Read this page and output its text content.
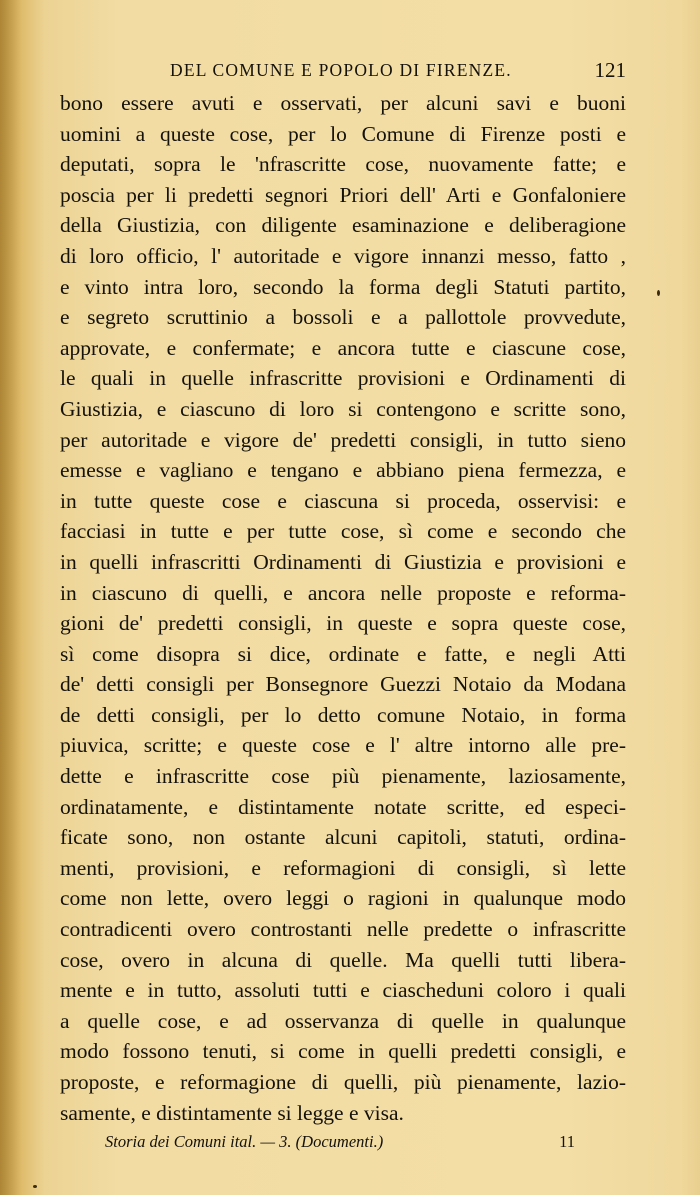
DEL COMUNE E POPOLO DI FIRENZE.	121
bono essere avuti e osservati, per alcuni savi e buoni
uomini a queste cose, per lo Comune di Firenze posti e
deputati, sopra le 'nfrascritte cose, nuovamente fatte; e
poscia per li predetti segnori Priori dell' Arti e Gonfaloniere
della Giustizia, con diligente esaminazione e deliberagione
di loro officio, l' autoritade e vigore innanzi messo, fatto ,
e vinto intra loro, secondo la forma degli Statuti partito,
e segreto scruttinio a bossoli e a pallottole provvedute,
approvate, e confermate; e ancora tutte e ciascune cose,
le quali in quelle infrascritte provisioni e Ordinamenti di
Giustizia, e ciascuno di loro si contengono e scritte sono,
per autoritade e vigore de' predetti consigli, in tutto sieno
emesse e vagliano e tengano e abbiano piena fermezza, e
in tutte queste cose e ciascuna si proceda, osservisi: e
facciasi in tutte e per tutte cose, sì come e secondo che
in quelli infrascritti Ordinamenti di Giustizia e provisioni e
in ciascuno di quelli, e ancora nelle proposte e reforma-
gioni de' predetti consigli, in queste e sopra queste cose,
sì come disopra si dice, ordinate e fatte, e negli Atti
de' detti consigli per Bonsegnore Guezzi Notaio da Modana
de detti consigli, per lo detto comune Notaio, in forma
piuvica, scritte; e queste cose e l' altre intorno alle pre-
dette e infrascritte cose più pienamente, laziosamente,
ordinatamente, e distintamente notate scritte, ed especi-
ficate sono, non ostante alcuni capitoli, statuti, ordina-
menti, provisioni, e reformagioni di consigli, sì lette
come non lette, overo leggi o ragioni in qualunque modo
contradicenti overo controstanti nelle predette o infrascritte
cose, overo in alcuna di quelle. Ma quelli tutti libera-
mente e in tutto, assoluti tutti e ciascheduni coloro i quali
a quelle cose, e ad osservanza di quelle in qualunque
modo fossono tenuti, si come in quelli predetti consigli, e
proposte, e reformagione di quelli, più pienamente, lazio-
samente, e distintamente si legge e visa.
Storia dei Comuni ital. — 3. (Documenti.)	11
